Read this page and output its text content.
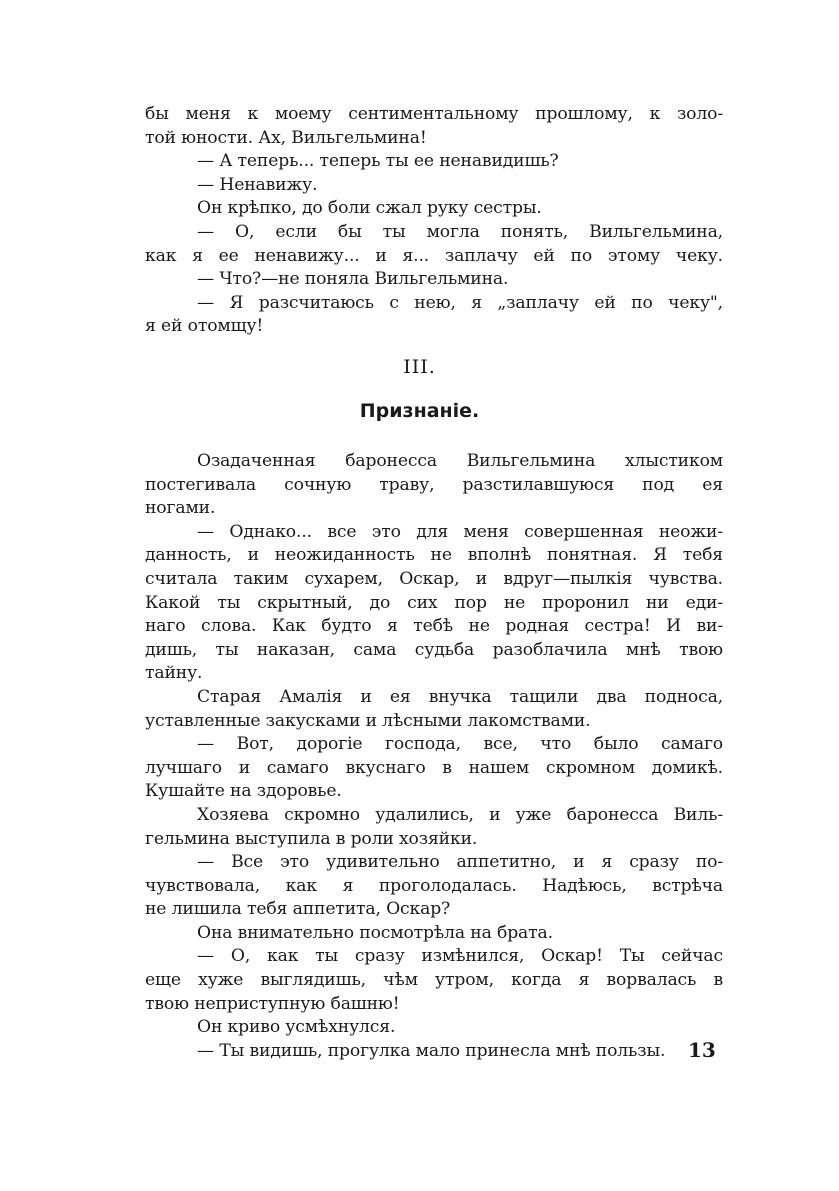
бы меня к моему сентиментальному прошлому, к золо-
той юности. Ах, Вильгельмина!
— А теперь... теперь ты ее ненавидишь?
— Ненавижу.
Он крѣпко, до боли сжал руку сестры.
— О, если бы ты могла понять, Вильгельмина,
как я ее ненавижу... и я... заплачу ей по этому чеку.
— Что?—не поняла Вильгельмина.
— Я разсчитаюсь с нею, я „заплачу ей по чеку",
я ей отомщу!
III.
Признаніе.
Озадаченная баронесса Вильгельмина хлыстиком
постегивала сочную траву, разстилавшуюся под ея
ногами.
— Однако... все это для меня совершенная неожи-
данность, и неожиданность не вполнѣ понятная. Я тебя
считала таким сухарем, Оскар, и вдруг—пылкія чувства.
Какой ты скрытный, до сих пор не проронил ни еди-
наго слова. Как будто я тебѣ не родная сестра! И ви-
дишь, ты наказан, сама судьба разоблачила мнѣ твою
тайну.
Старая Амалія и ея внучка тащили два подноса,
уставленные закусками и лѣсными лакомствами.
— Вот, дорогіе господа, все, что было самаго
лучшаго и самаго вкуснаго в нашем скромном домикѣ.
Кушайте на здоровье.
Хозяева скромно удалились, и уже баронесса Виль-
гельмина выступила в роли хозяйки.
— Все это удивительно аппетитно, и я сразу по-
чувствовала, как я проголодалась. Надѣюсь, встрѣча
не лишила тебя аппетита, Оскар?
Она внимательно посмотрѣла на брата.
— О, как ты сразу измѣнился, Оскар! Ты сейчас
еще хуже выглядишь, чѣм утром, когда я ворвалась в
твою неприступную башню!
Он криво усмѣхнулся.
— Ты видишь, прогулка мало принесла мнѣ пользы.	13
